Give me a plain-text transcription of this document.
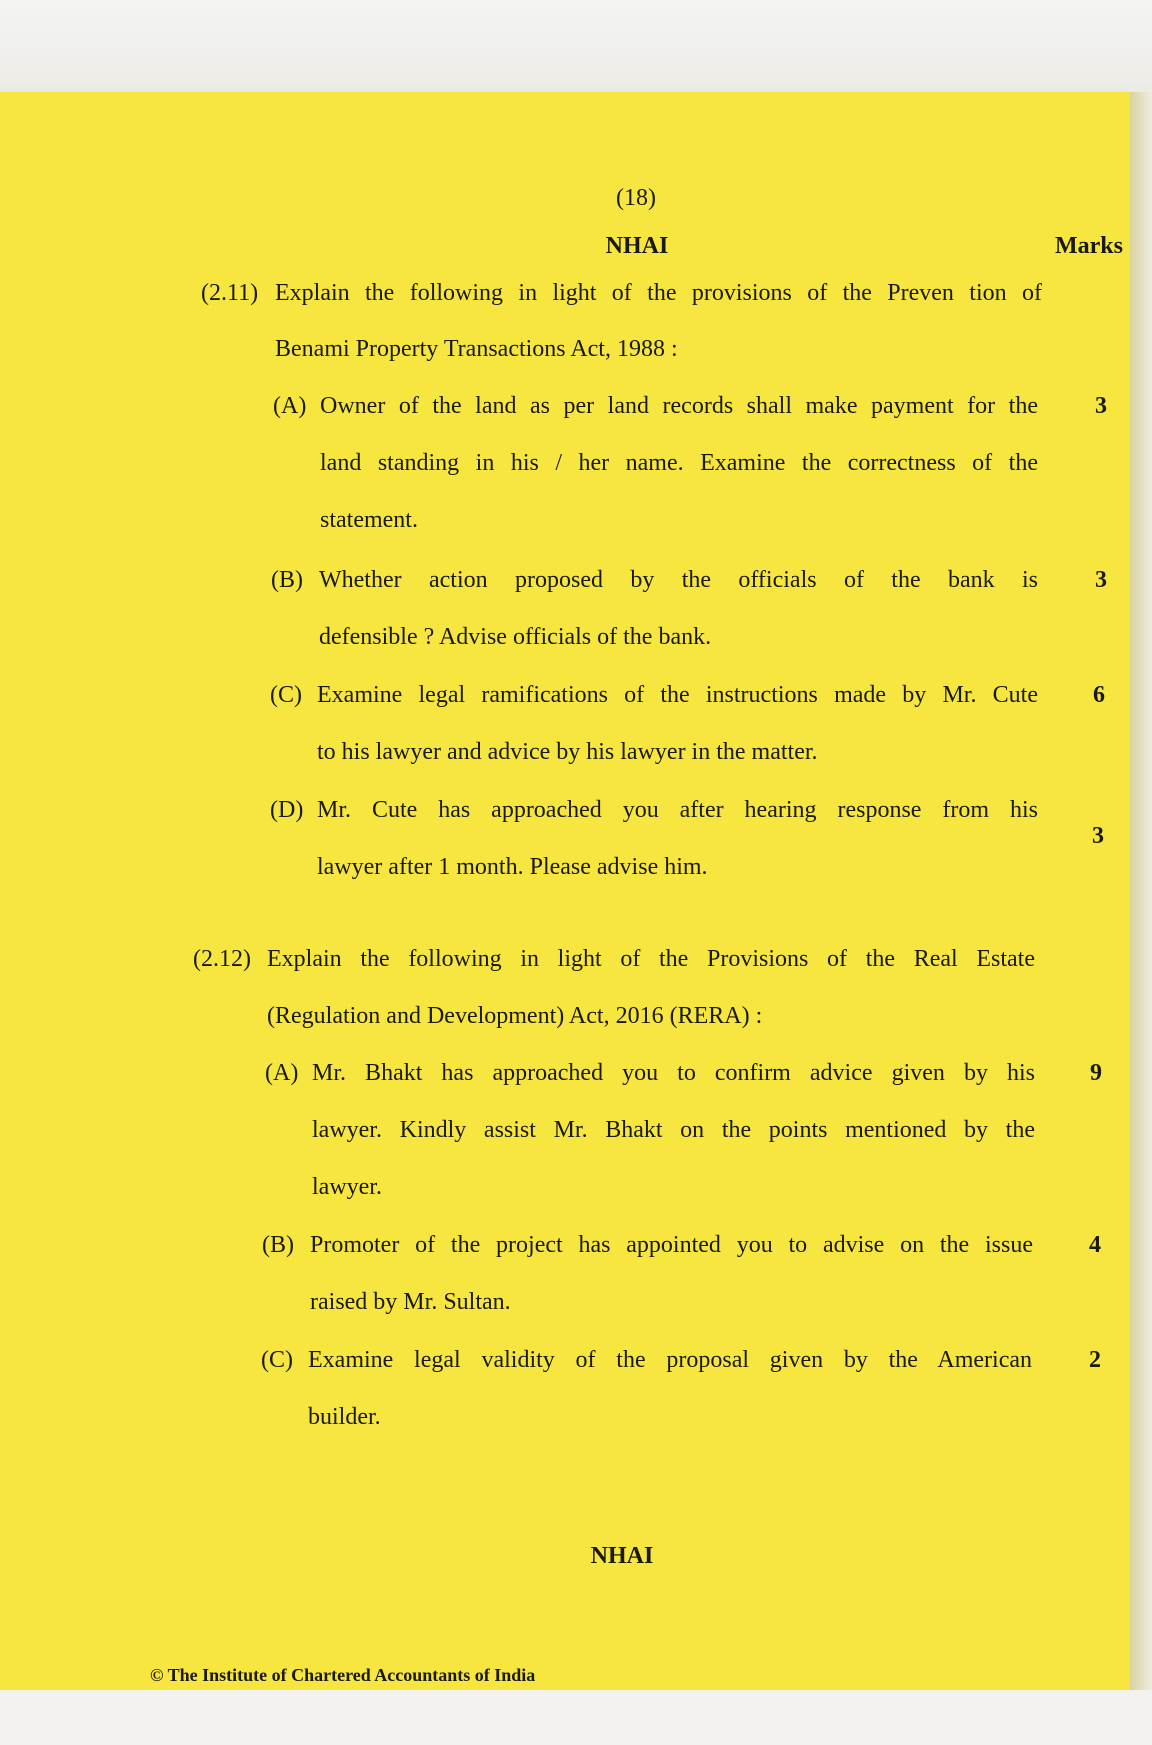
(18)
NHAI	Marks
(2.11) Explain the following in light of the provisions of the Preven tion of
Benami Property Transactions Act, 1988 :
(A) Owner of the land as per land records shall make payment for the 3
land standing in his / her name. Examine the correctness of the
statement.
(B) Whether action proposed by the officials of the bank is 3
defensible ? Advise officials of the bank.
(C) Examine legal ramifications of the instructions made by Mr. Cute 6
to his lawyer and advice by his lawyer in the matter.
(D) Mr. Cute has approached you after hearing response from his
3
lawyer after 1 month. Please advise him.
(2.12) Explain the following in light of the Provisions of the Real Estate
(Regulation and Development) Act, 2016 (RERA) :
(A) Mr. Bhakt has approached you to confirm advice given by his 9
lawyer. Kindly assist Mr. Bhakt on the points mentioned by the
lawyer.
(B) Promoter of the project has appointed you to advise on the issue 4
raised by Mr. Sultan.
(C) Examine legal validity of the proposal given by the American 2
builder.
NHAI
© The Institute of Chartered Accountants of India
